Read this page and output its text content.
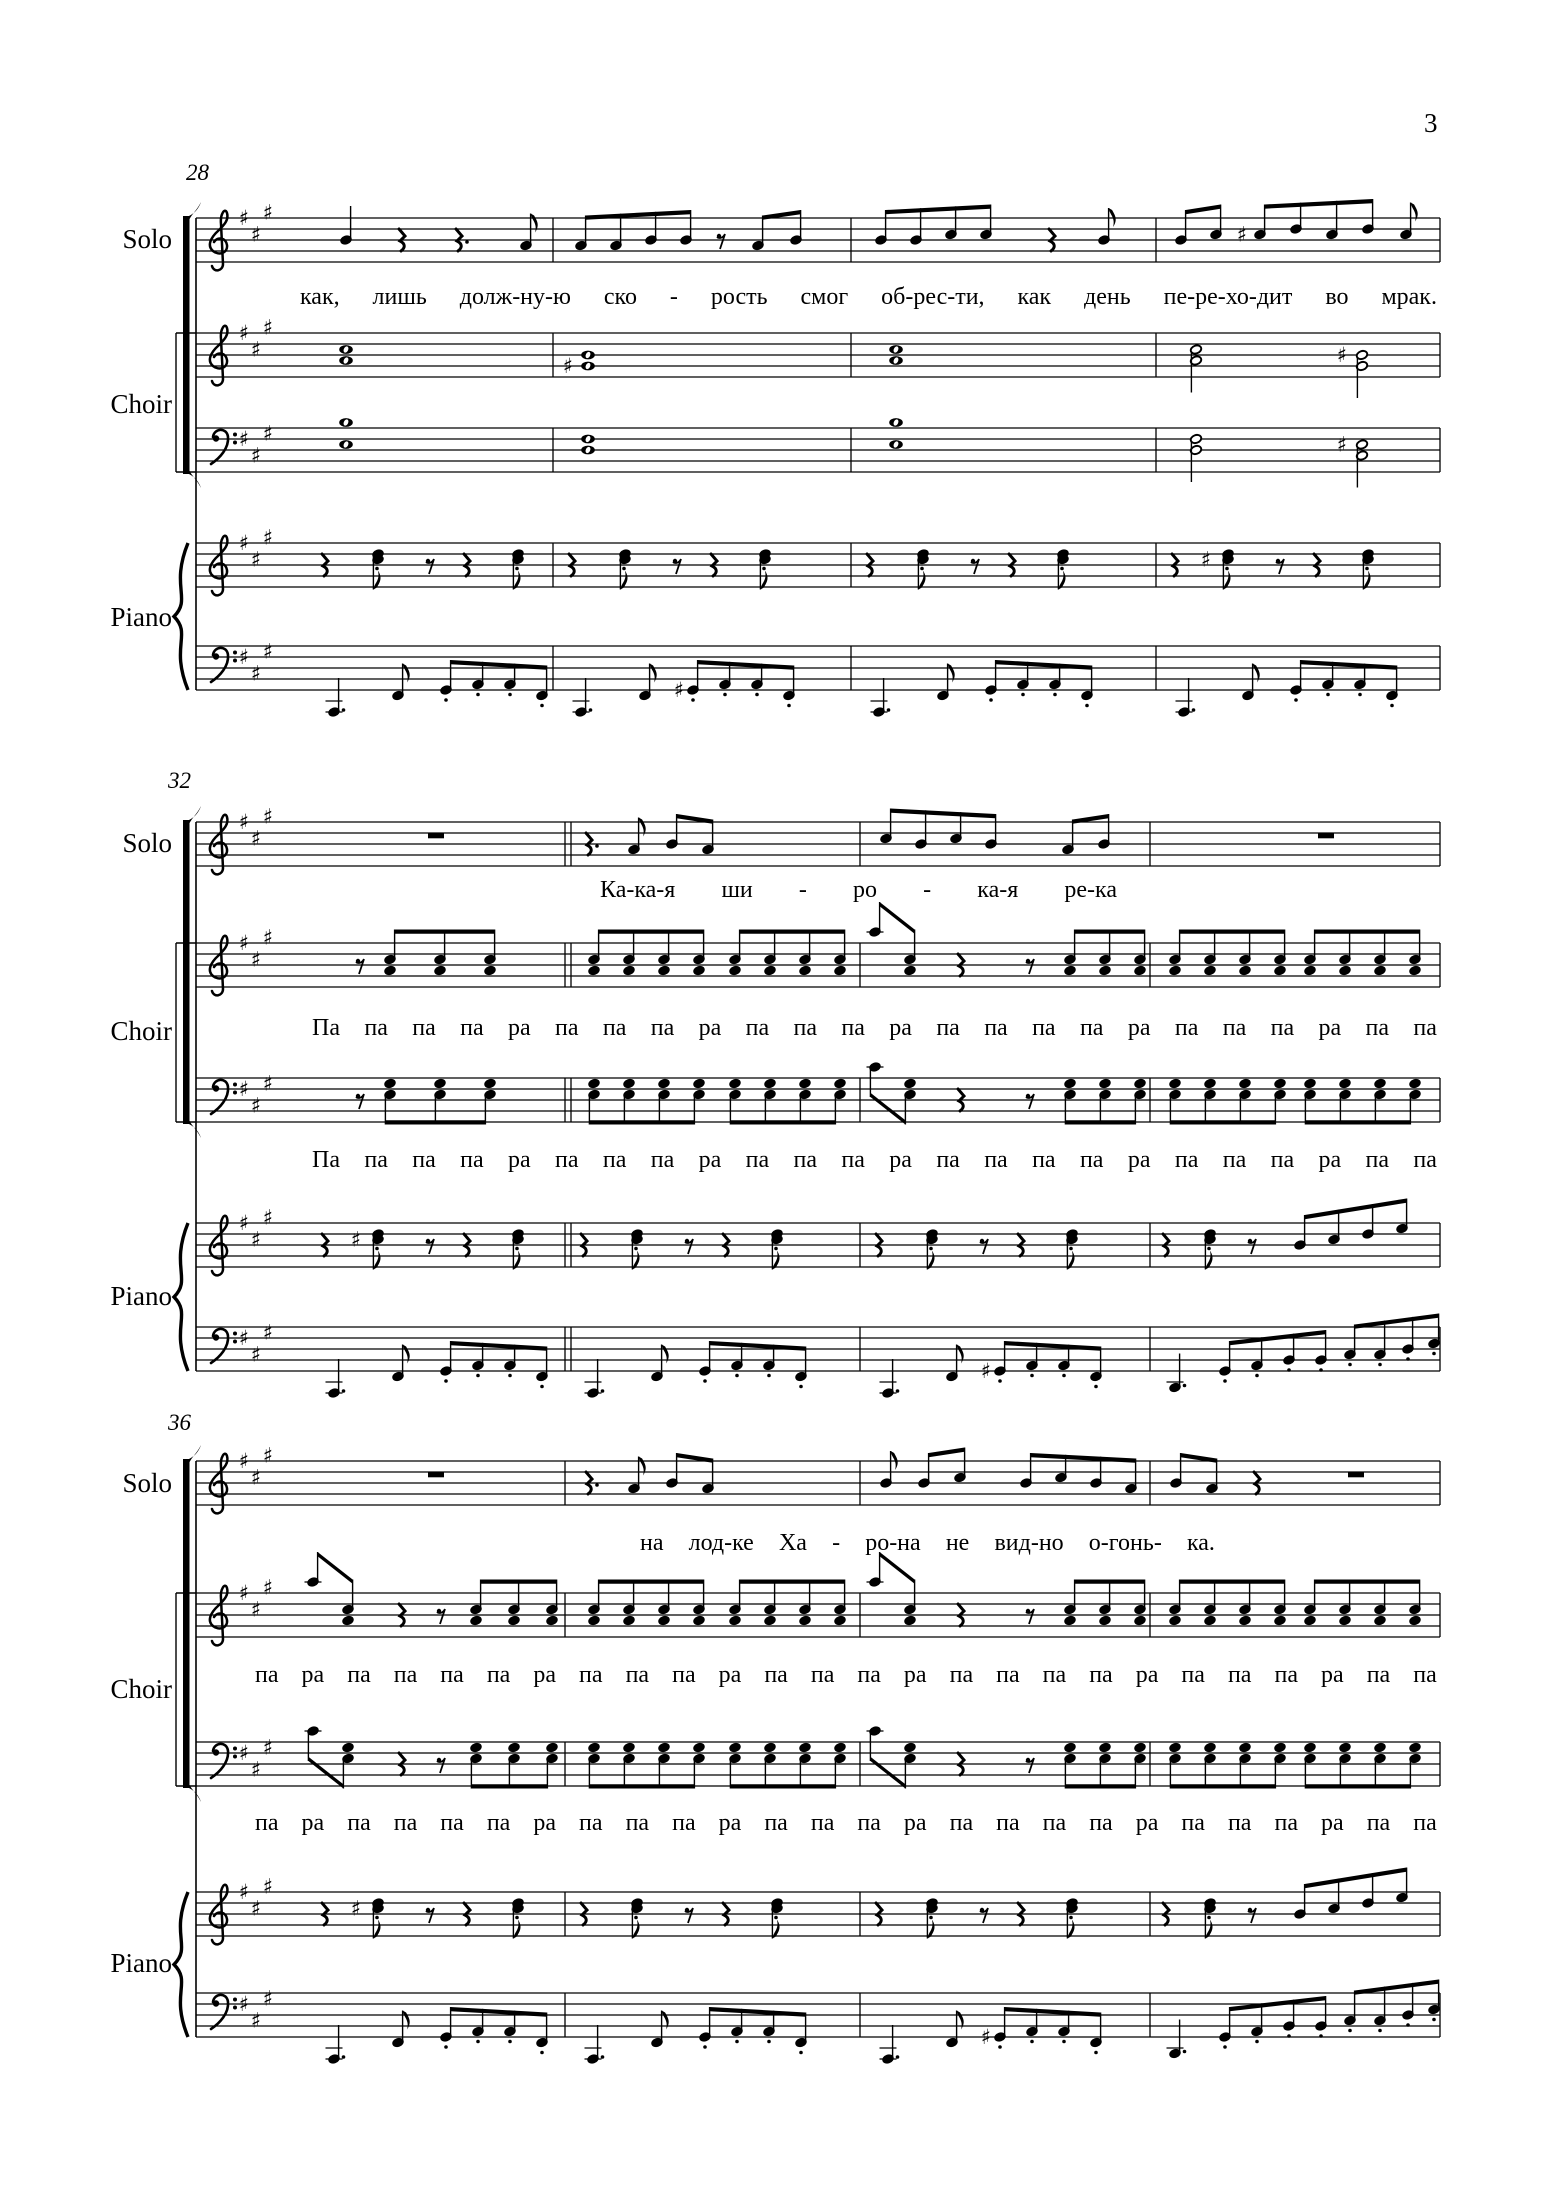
♯
♯
♯
♯
♯
♯
♯
♯	♯
♯
♯
♯	♯
♯
♯
♯
♯
♯
♯
♯
♯
♯
♯
♯
♯
♯
♯
♯
♯
♯
♯
♯
♯
♯
♯
♯
♯
♯
♯
♯
♯
♯
♯
♯
♯
♯
♯
♯
♯
♯
♯
♯
♯
♯
♯
3
28
Solo
Choir
Piano
как, лишь долж-ну-ю ско - рость смог об-рес-ти, как день пе-ре-хо-дит во мрак.
32
Solo
Choir
Piano
Ка-ка-я ши - ро - ка-я ре-ка
Па па па па ра па па па ра па па па ра па па па па ра па па па ра па па
Па па па па ра па па па ра па па па ра па па па па ра па па па ра па па
36
Solo
Choir
Piano
на лод-ке Ха - ро-на не вид-но о-гонь- ка.
па ра па па па па ра па па па ра па па па ра па па па па ра па па па ра па па
па ра па па па па ра па па па ра па па па ра па па па па ра па па па ра па па
